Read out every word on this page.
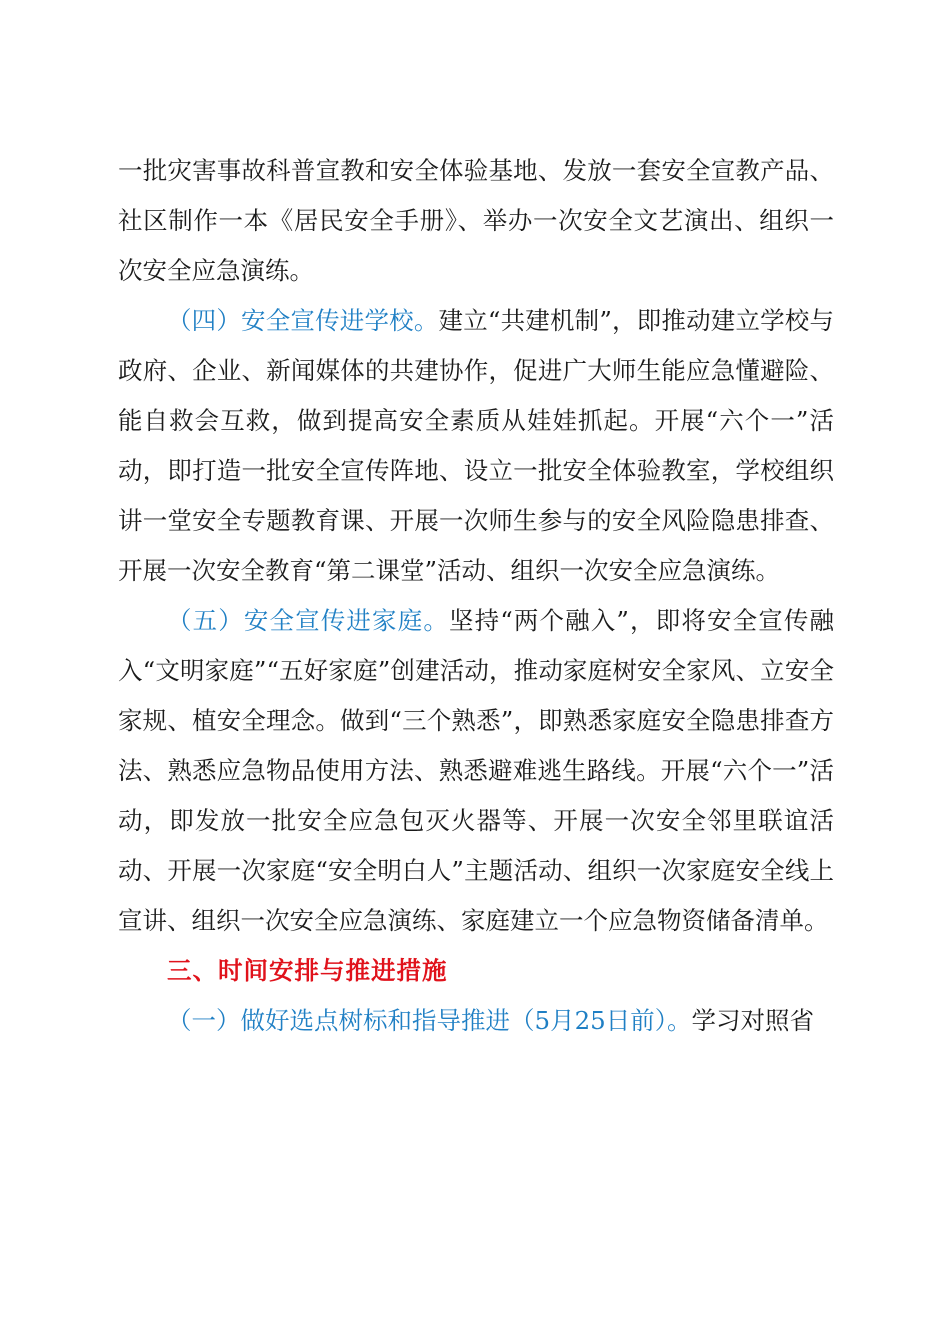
一批灾害事故科普宣教和安全体验基地、发放一套安全宣教产品、社区制作一本《居民安全手册》、举办一次安全文艺演出、组织一次安全应急演练。

（四）安全宣传进学校。建立“共建机制”，即推动建立学校与政府、企业、新闻媒体的共建协作，促进广大师生能应急懂避险、能自救会互救，做到提高安全素质从娃娃抓起。开展“六个一”活动，即打造一批安全宣传阵地、设立一批安全体验教室，学校组织讲一堂安全专题教育课、开展一次师生参与的安全风险隐患排查、开展一次安全教育“第二课堂”活动、组织一次安全应急演练。

（五）安全宣传进家庭。坚持“两个融入”，即将安全宣传融入“文明家庭”“五好家庭”创建活动，推动家庭树安全家风、立安全家规、植安全理念。做到“三个熟悉”，即熟悉家庭安全隐患排查方法、熟悉应急物品使用方法、熟悉避难逃生路线。开展“六个一”活动，即发放一批安全应急包灭火器等、开展一次安全邻里联谊活动、开展一次家庭“安全明白人”主题活动、组织一次家庭安全线上宣讲、组织一次安全应急演练、家庭建立一个应急物资储备清单。

三、时间安排与推进措施

（一）做好选点树标和指导推进（5月25日前）。学习对照省
